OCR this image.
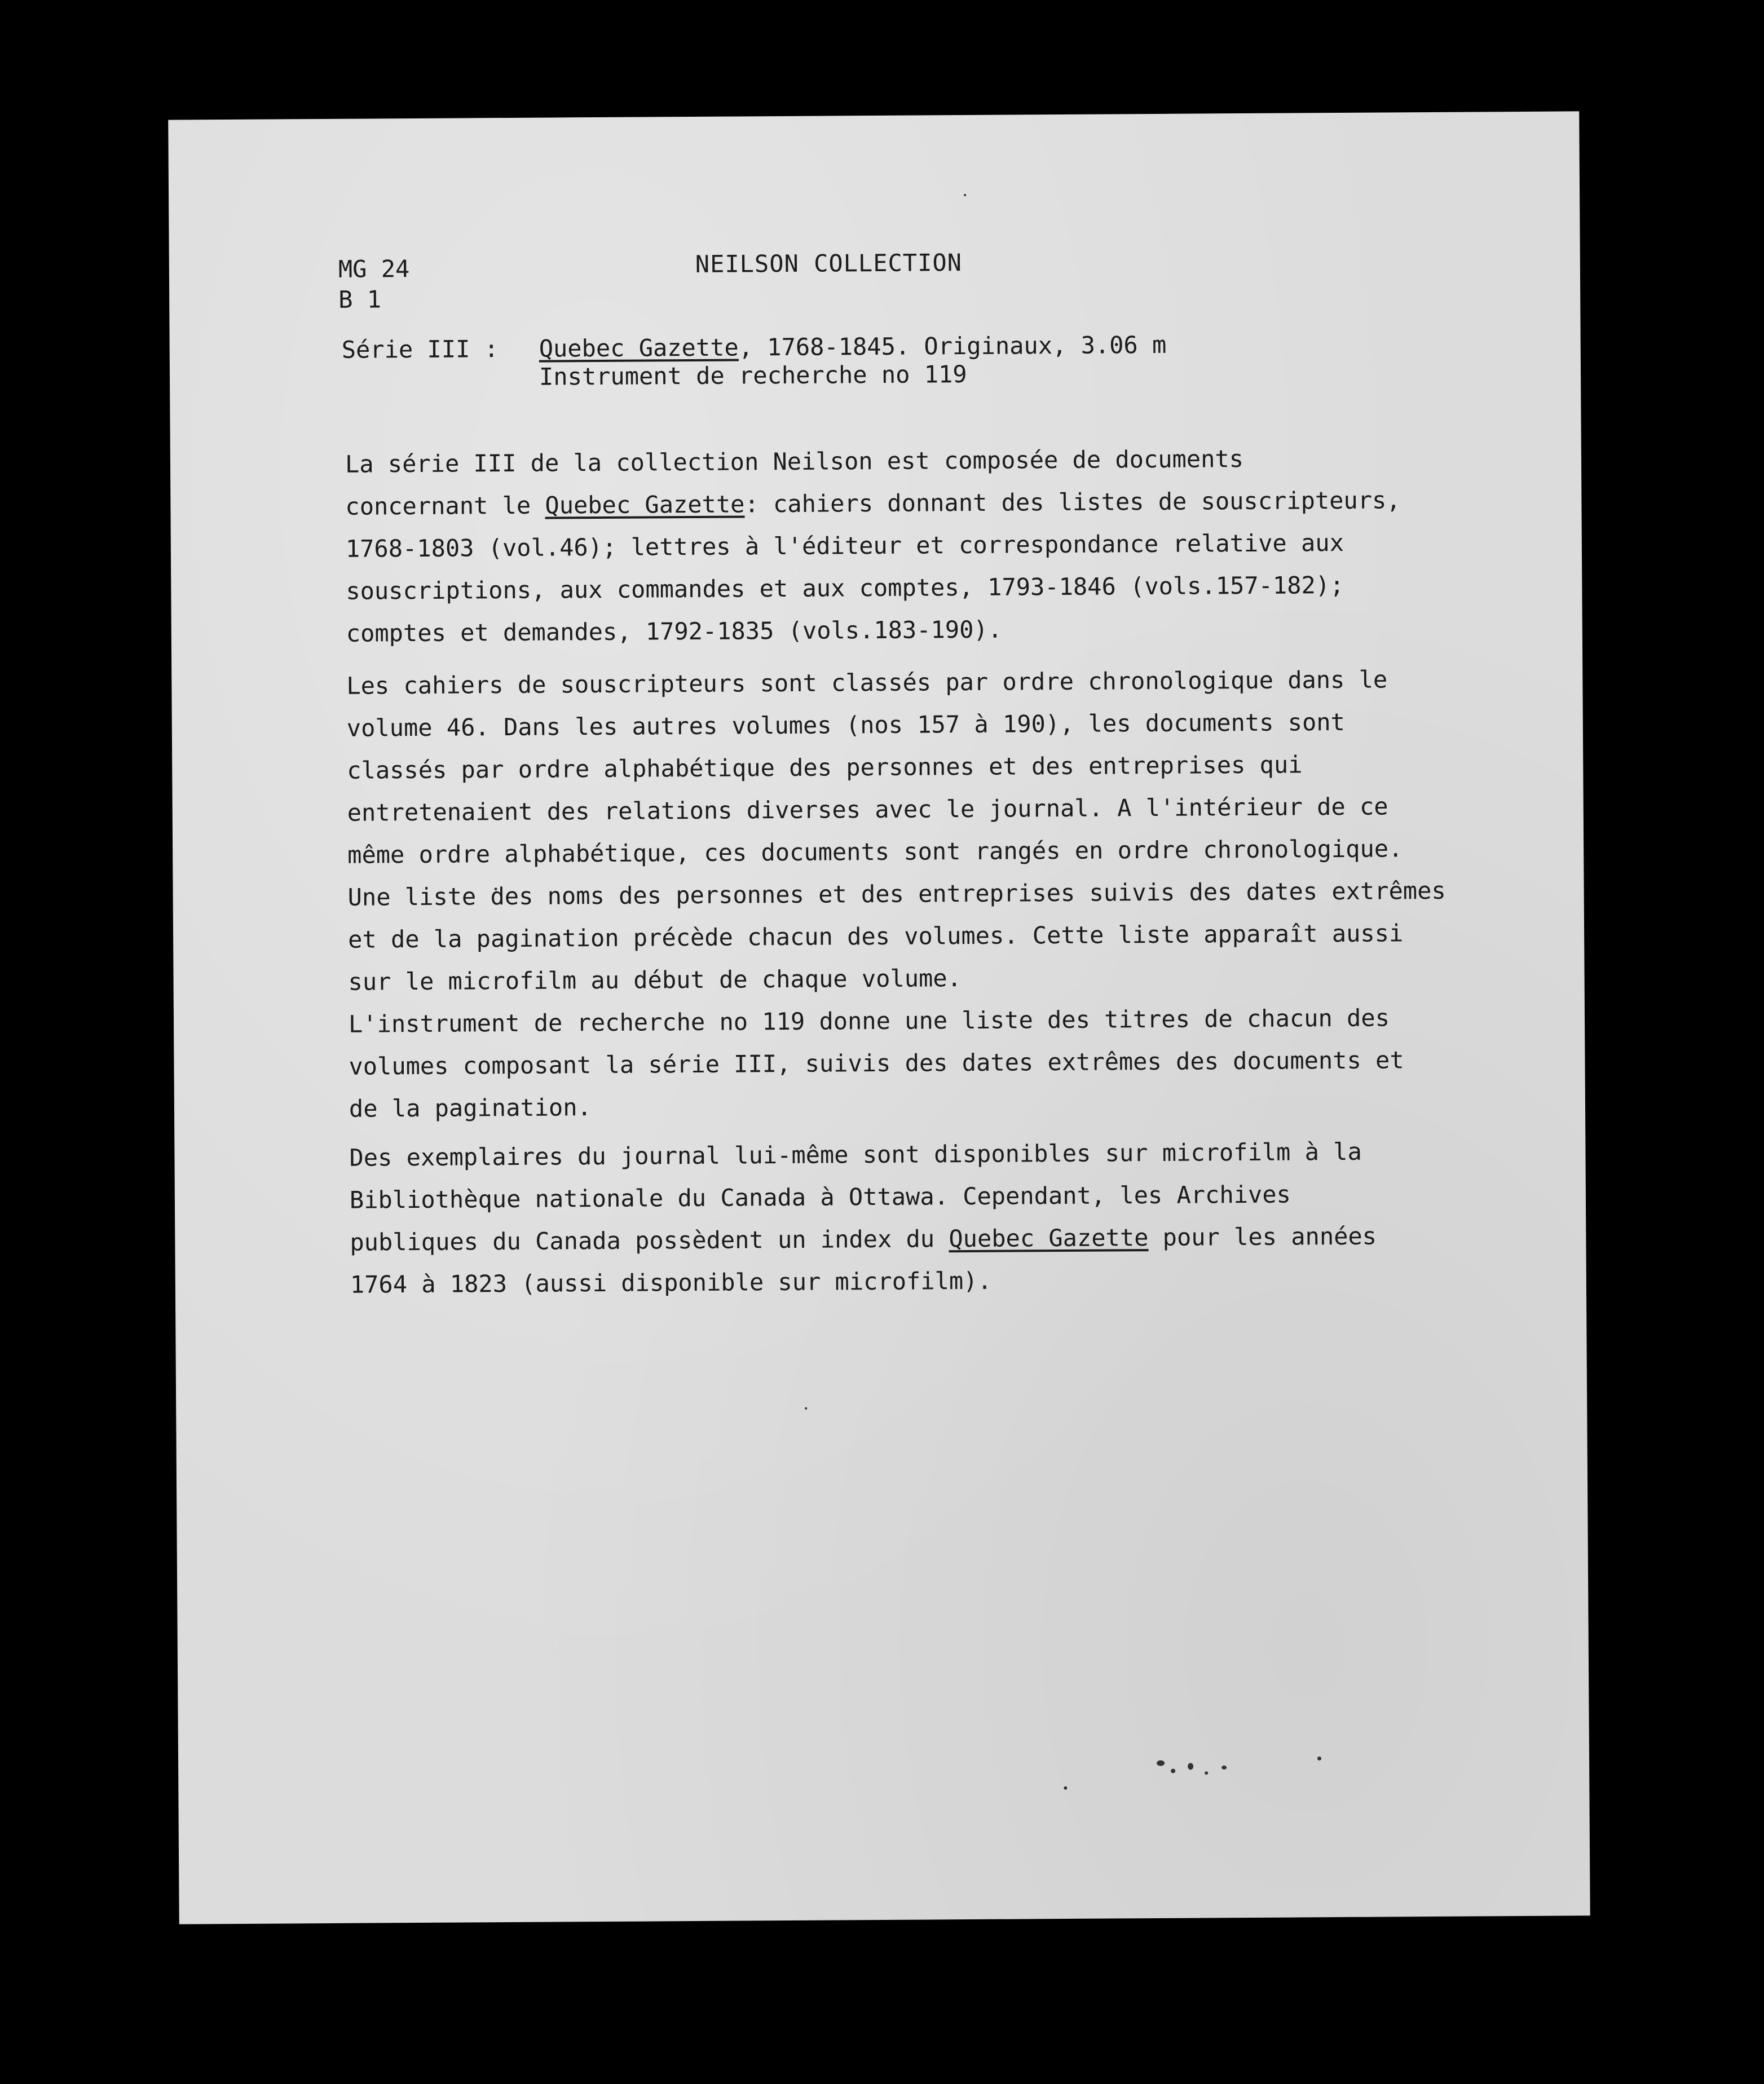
MG 24
B 1
NEILSON COLLECTION
Série III : Quebec Gazette, 1768-1845. Originaux, 3.06 m
Instrument de recherche no 119

La série III de la collection Neilson est composée de documents
concernant le Quebec Gazette: cahiers donnant des listes de souscripteurs,
1768-1803 (vol.46); lettres à l'éditeur et correspondance relative aux
souscriptions, aux commandes et aux comptes, 1793-1846 (vols.157-182);
comptes et demandes, 1792-1835 (vols.183-190).

Les cahiers de souscripteurs sont classés par ordre chronologique dans le
volume 46. Dans les autres volumes (nos 157 à 190), les documents sont
classés par ordre alphabétique des personnes et des entreprises qui
entretenaient des relations diverses avec le journal. A l'intérieur de ce
même ordre alphabétique, ces documents sont rangés en ordre chronologique.
Une liste des noms des personnes et des entreprises suivis des dates extrêmes
et de la pagination précède chacun des volumes. Cette liste apparaît aussi
sur le microfilm au début de chaque volume.
L'instrument de recherche no 119 donne une liste des titres de chacun des
volumes composant la série III, suivis des dates extrêmes des documents et
de la pagination.

Des exemplaires du journal lui-même sont disponibles sur microfilm à la
Bibliothèque nationale du Canada à Ottawa. Cependant, les Archives
publiques du Canada possèdent un index du Quebec Gazette pour les années
1764 à 1823 (aussi disponible sur microfilm).
